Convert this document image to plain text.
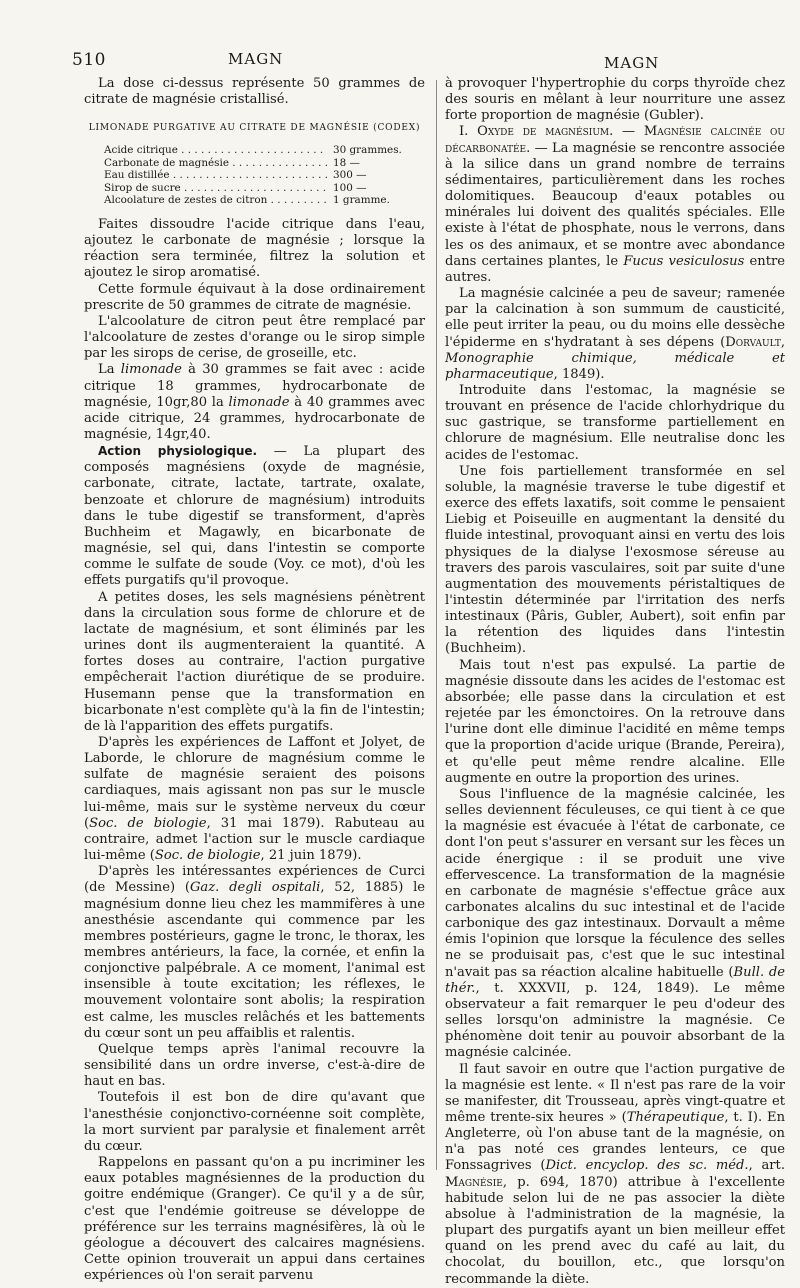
510	MAGN	MAGN

La dose ci-dessus représente 50 grammes de citrate de magnésie cristallisé.

LIMONADE PURGATIVE AU CITRATE DE MAGNÉSIE (CODEX)
Acide citrique . . .	30 grammes.
Carbonate de magnésie . . .	18 —
Eau distillée . . .	300 —
Sirop de sucre . . .	100 —
Alcoolature de zestes de citron . . .	1 gramme.

Faites dissoudre l'acide citrique dans l'eau, ajoutez le carbonate de magnésie ; lorsque la réaction sera terminée, filtrez la solution et ajoutez le sirop aromatisé.

Cette formule équivaut à la dose ordinairement prescrite de 50 grammes de citrate de magnésie.

L'alcoolature de citron peut être remplacé par l'alcoolature de zestes d'orange ou le sirop simple par les sirops de cerise, de groseille, etc.

La limonade à 30 grammes se fait avec : acide citrique 18 grammes, hydrocarbonate de magnésie, 10gr,80 la limonade à 40 grammes avec acide citrique, 24 grammes, hydrocarbonate de magnésie, 14gr,40.

Action physiologique. — La plupart des composés magnésiens (oxyde de magnésie, carbonate, citrate, lactate, tartrate, oxalate, benzoate et chlorure de magnésium) introduits dans le tube digestif se transforment, d'après Buchheim et Magawly, en bicarbonate de magnésie, sel qui, dans l'intestin se comporte comme le sulfate de soude (Voy. ce mot), d'où les effets purgatifs qu'il provoque.

A petites doses, les sels magnésiens pénètrent dans la circulation sous forme de chlorure et de lactate de magnésium, et sont éliminés par les urines dont ils augmenteraient la quantité. A fortes doses au contraire, l'action purgative empêcherait l'action diurétique de se produire. Husemann pense que la transformation en bicarbonate n'est complète qu'à la fin de l'intestin; de là l'apparition des effets purgatifs.

D'après les expériences de Laffont et Jolyet, de Laborde, le chlorure de magnésium comme le sulfate de magnésie seraient des poisons cardiaques, mais agissant non pas sur le muscle lui-même, mais sur le système nerveux du cœur (Soc. de biologie, 31 mai 1879). Rabuteau au contraire, admet l'action sur le muscle cardiaque lui-même (Soc. de biologie, 21 juin 1879).

D'après les intéressantes expériences de Curci (de Messine) (Gaz. degli ospitali, 52, 1885) le magnésium donne lieu chez les mammifères à une anesthésie ascendante qui commence par les membres postérieurs, gagne le tronc, le thorax, les membres antérieurs, la face, la cornée, et enfin la conjonctive palpébrale. A ce moment, l'animal est insensible à toute excitation; les réflexes, le mouvement volontaire sont abolis; la respiration est calme, les muscles relâchés et les battements du cœur sont un peu affaiblis et ralentis.

Quelque temps après l'animal recouvre la sensibilité dans un ordre inverse, c'est-à-dire de haut en bas.

Toutefois il est bon de dire qu'avant que l'anesthésie conjonctivo-cornéenne soit complète, la mort survient par paralysie et finalement arrêt du cœur.

Rappelons en passant qu'on a pu incriminer les eaux potables magnésiennes de la production du goitre endémique (Granger). Ce qu'il y a de sûr, c'est que l'endémie goitreuse se développe de préférence sur les terrains magnésifères, là où le géologue a découvert des calcaires magnésiens. Cette opinion trouverait un appui dans certaines expériences où l'on serait parvenu

à provoquer l'hypertrophie du corps thyroïde chez des souris en mêlant à leur nourriture une assez forte proportion de magnésie (Gubler).

I. Oxyde de magnésium. — Magnésie calcinée ou décarbonatée. — La magnésie se rencontre associée à la silice dans un grand nombre de terrains sédimentaires, particulièrement dans les roches dolomitiques. Beaucoup d'eaux potables ou minérales lui doivent des qualités spéciales. Elle existe à l'état de phosphate, nous le verrons, dans les os des animaux, et se montre avec abondance dans certaines plantes, le Fucus vesiculosus entre autres.

La magnésie calcinée a peu de saveur; ramenée par la calcination à son summum de causticité, elle peut irriter la peau, ou du moins elle dessèche l'épiderme en s'hydratant à ses dépens (Dorvault, Monographie chimique, médicale et pharmaceutique, 1849).

Introduite dans l'estomac, la magnésie se trouvant en présence de l'acide chlorhydrique du suc gastrique, se transforme partiellement en chlorure de magnésium. Elle neutralise donc les acides de l'estomac.

Une fois partiellement transformée en sel soluble, la magnésie traverse le tube digestif et exerce des effets laxatifs, soit comme le pensaient Liebig et Poiseuille en augmentant la densité du fluide intestinal, provoquant ainsi en vertu des lois physiques de la dialyse l'exosmose séreuse au travers des parois vasculaires, soit par suite d'une augmentation des mouvements péristaltiques de l'intestin déterminée par l'irritation des nerfs intestinaux (Pâris, Gubler, Aubert), soit enfin par la rétention des liquides dans l'intestin (Buchheim).

Mais tout n'est pas expulsé. La partie de magnésie dissoute dans les acides de l'estomac est absorbée; elle passe dans la circulation et est rejetée par les émonctoires. On la retrouve dans l'urine dont elle diminue l'acidité en même temps que la proportion d'acide urique (Brande, Pereira), et qu'elle peut même rendre alcaline. Elle augmente en outre la proportion des urines.

Sous l'influence de la magnésie calcinée, les selles deviennent féculeuses, ce qui tient à ce que la magnésie est évacuée à l'état de carbonate, ce dont l'on peut s'assurer en versant sur les fèces un acide énergique : il se produit une vive effervescence. La transformation de la magnésie en carbonate de magnésie s'effectue grâce aux carbonates alcalins du suc intestinal et de l'acide carbonique des gaz intestinaux. Dorvault a même émis l'opinion que lorsque la féculence des selles ne se produisait pas, c'est que le suc intestinal n'avait pas sa réaction alcaline habituelle (Bull. de thér., t. XXXVII, p. 124, 1849). Le même observateur a fait remarquer le peu d'odeur des selles lorsqu'on administre la magnésie. Ce phénomène doit tenir au pouvoir absorbant de la magnésie calcinée.

Il faut savoir en outre que l'action purgative de la magnésie est lente. « Il n'est pas rare de la voir se manifester, dit Trousseau, après vingt-quatre et même trente-six heures » (Thérapeutique, t. I). En Angleterre, où l'on abuse tant de la magnésie, on n'a pas noté ces grandes lenteurs, ce que Fonssagrives (Dict. encyclop. des sc. méd., art. Magnésie, p. 694, 1870) attribue à l'excellente habitude selon lui de ne pas associer la diète absolue à l'administration de la magnésie, la plupart des purgatifs ayant un bien meilleur effet quand on les prend avec du café au lait, du chocolat, du bouillon, etc., que lorsqu'on recommande la diète.
